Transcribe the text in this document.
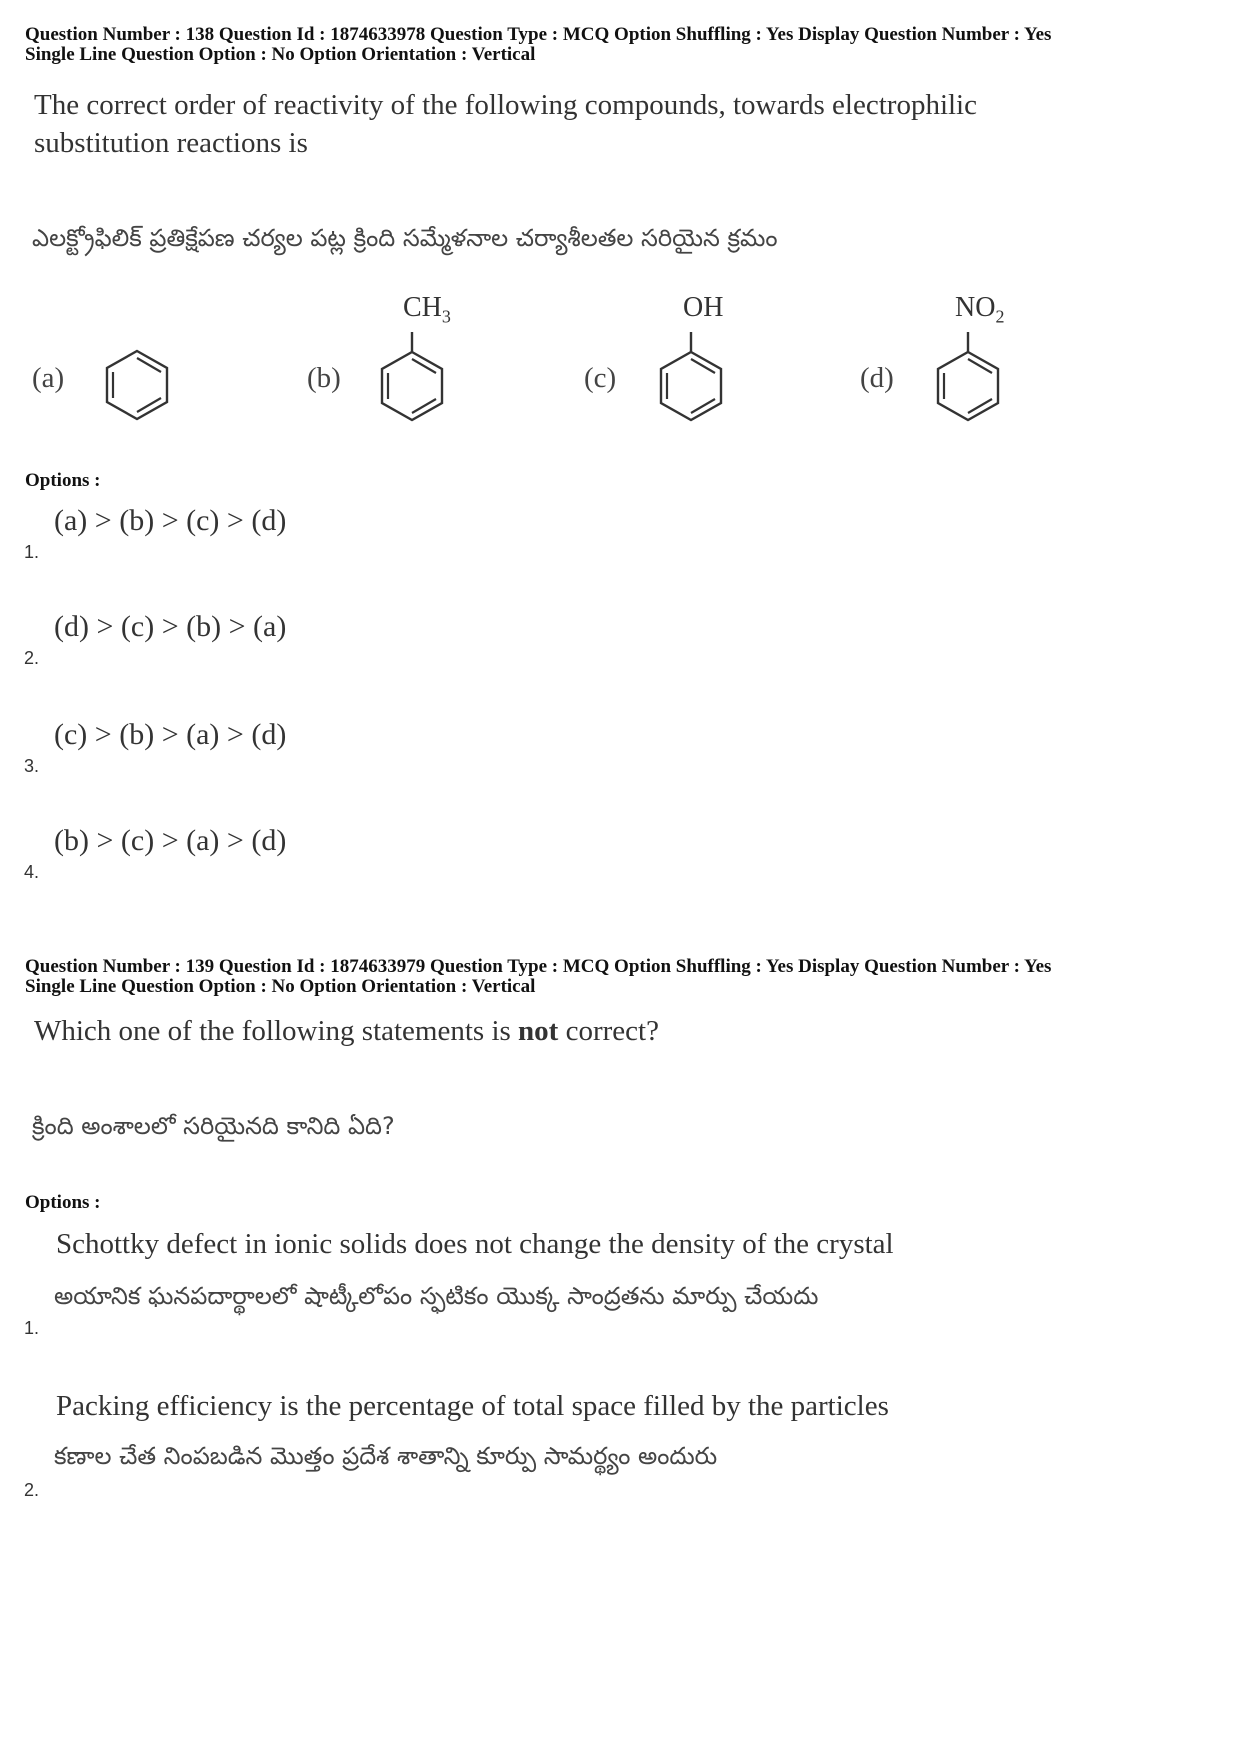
Question Number : 138 Question Id : 1874633978 Question Type : MCQ Option Shuffling : Yes Display Question Number : Yes
Single Line Question Option : No Option Orientation : Vertical
The correct order of reactivity of the following compounds, towards electrophilic
substitution reactions is
ఎలక్ట్రోఫిలిక్ ప్రతిక్షేపణ చర్యల పట్ల క్రింది సమ్మేళనాల చర్యాశీలతల సరియైన క్రమం
(a)	(b)
$CH_3$
(c)
OH
(d)
$NO_2$
Options :
(a) > (b) > (c) > (d)
1.
(d) > (c) > (b) > (a)
2.
(c) > (b) > (a) > (d)
3.
(b) > (c) > (a) > (d)
4.
Question Number : 139 Question Id : 1874633979 Question Type : MCQ Option Shuffling : Yes Display Question Number : Yes
Single Line Question Option : No Option Orientation : Vertical
Which one of the following statements is not correct?
క్రింది అంశాలలో సరియైనది కానిది ఏది?
Options :
Schottky defect in ionic solids does not change the density of the crystal
అయానిక ఘనపదార్థాలలో షాట్కీలోపం స్ఫటికం యొక్క సాంద్రతను మార్పు చేయదు
1.
Packing efficiency is the percentage of total space filled by the particles
కణాల చేత నింపబడిన మొత్తం ప్రదేశ శాతాన్ని కూర్పు సామర్థ్యం అందురు
2.
